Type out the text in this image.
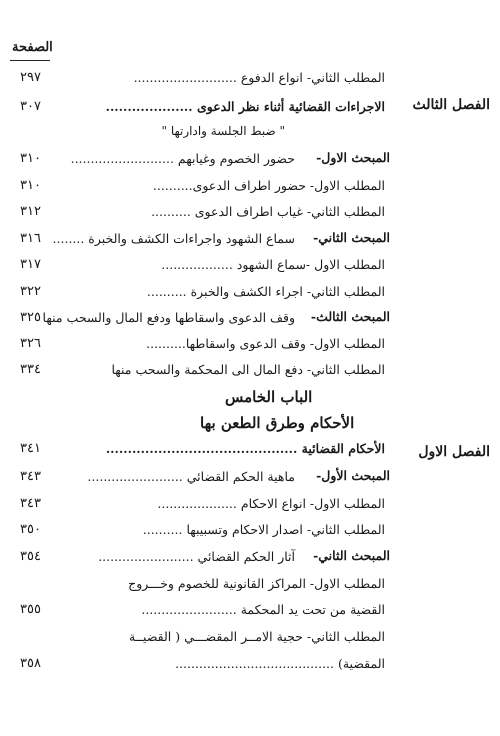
الصفحة
المطلب الثاني- انواع الدفوع ..........................
٢٩٧
الفصل الثالث
الاجراءات القضائية أثناء نظر الدعوى ....................
٣٠٧
" ضبط الجلسة وادارتها "
المبحث الاول-
حضور الخصوم وغيابهم ..........................
٣١٠
المطلب الاول- حضور اطراف الدعوى..........
٣١٠
المطلب الثاني- غياب اطراف الدعوى ..........
٣١٢
المبحث الثاني-
سماع الشهود واجراءات الكشف والخبرة ........
٣١٦
المطلب الاول -سماع الشهود ..................
٣١٧
المطلب الثاني- اجراء الكشف والخبرة ..........
٣٢٢
المبحث الثالث-
وقف الدعوى واسقاطها ودفع المال والسحب منها
٣٢٥
المطلب الاول- وقف الدعوى واسقاطها..........
٣٢٦
المطلب الثاني- دفع المال الى المحكمة والسحب منها
٣٣٤
الباب الخامس
الأحكام وطرق الطعن بها
الفصل الاول
الأحكام القضائية ............................................
٣٤١
المبحث الأول-
ماهية الحكم القضائي ........................
٣٤٣
المطلب الاول- انواع الاحكام ....................
٣٤٣
المطلب الثاني- اصدار الاحكام وتسبيبها ..........
٣٥٠
المبحث الثاني-
آثار الحكم القضائي ........................
٣٥٤
المطلب الاول- المراكز القانونية للخصوم وخـــروج
القضية من تحت يد المحكمة ........................
٣٥٥
المطلب الثاني- حجية الامــر المقضـــي ( القضيــة
المقضية) ........................................
٣٥٨
